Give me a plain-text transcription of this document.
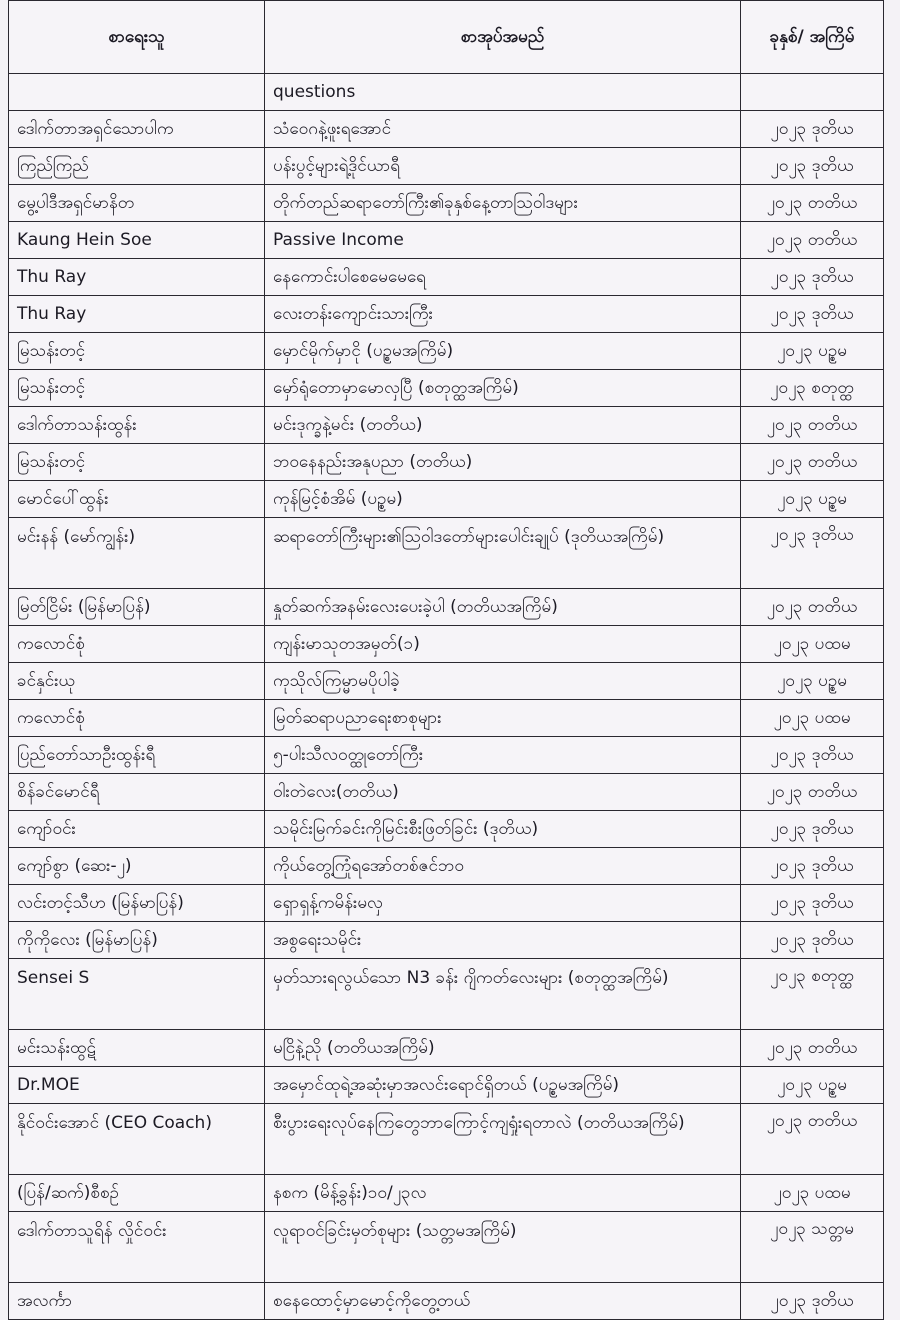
စာရေးသူ	စာအုပ်အမည်	ခုနှစ်/ အကြိမ်
	questions	
ဒေါက်တာအရှင်သောပါက	သံဝေဂနဲ့ဖူးရအောင်	၂၀၂၃ ဒုတိယ
ကြည်ကြည်	ပန်းပွင့်များရဲ့ဒိုင်ယာရီ	၂၀၂၃ ဒုတိယ
မွေ့ပါဒီအရှင်မာနိတ	တိုက်တည်ဆရာတော်ကြီး၏ခုနှစ်နေ့တာဩဝါဒများ	၂၀၂၃ တတိယ
Kaung Hein Soe	Passive Income	၂၀၂၃ တတိယ
Thu Ray	နေကောင်းပါစေမေမေရေ	၂၀၂၃ ဒုတိယ
Thu Ray	လေးတန်းကျောင်းသားကြီး	၂၀၂၃ ဒုတိယ
မြသန်းတင့်	မှောင်မိုက်မှာငို (ပဉ္စမအကြိမ်)	၂၀၂၃ ပဉ္စမ
မြသန်းတင့်	မှော်ရုံတောမှာမောလှပြီ (စတုတ္ထအကြိမ်)	၂၀၂၃ စတုတ္ထ
ဒေါက်တာသန်းထွန်း	မင်းဒုက္ခနဲ့မင်း (တတိယ)	၂၀၂၃ တတိယ
မြသန်းတင့်	ဘဝနေနည်းအနုပညာ (တတိယ)	၂၀၂၃ တတိယ
မောင်ပေါ်ထွန်း	ကုန်မြင့်စံအိမ် (ပဉ္စမ)	၂၀၂၃ ပဉ္စမ
မင်းနန် (မော်ကျွန်း)	ဆရာတော်ကြီးများ၏ဩဝါဒတော်များပေါင်းချုပ် (ဒုတိယအကြိမ်)	၂၀၂၃ ဒုတိယ
မြတ်ငြိမ်း (မြန်မာပြန်)	နှုတ်ဆက်အနမ်းလေးပေးခဲ့ပါ (တတိယအကြိမ်)	၂၀၂၃ တတိယ
ကလောင်စုံ	ကျန်းမာသုတအမှတ်(၁)	၂၀၂၃ ပထမ
ခင်နှင်းယု	ကုသိုလ်ကြမ္မာမပိုပါခဲ့	၂၀၂၃ ပဉ္စမ
ကလောင်စုံ	မြတ်ဆရာပညာရေးစာစုများ	၂၀၂၃ ပထမ
ပြည်တော်သာဦးထွန်းရီ	၅-ပါးသီလဝတ္ထုတော်ကြီး	၂၀၂၃ ဒုတိယ
စိန်ခင်မောင်ရီ	ဝါးတဲလေး(တတိယ)	၂၀၂၃ တတိယ
ကျော်ဝင်း	သမိုင်းမြက်ခင်းကိုမြင်းစီးဖြတ်ခြင်း (ဒုတိယ)	၂၀၂၃ ဒုတိယ
ကျော်စွာ (ဆေး-၂)	ကိုယ်တွေ့ကြုံရအော်တစ်ဇင်ဘဝ	၂၀၂၃ ဒုတိယ
လင်းတင့်သီဟ (မြန်မာပြန်)	ရှောရှန့်ကမိန်းမလှ	၂၀၂၃ ဒုတိယ
ကိုကိုလေး (မြန်မာပြန်)	အစွရေးသမိုင်း	၂၀၂၃ ဒုတိယ
Sensei S	မှတ်သားရလွယ်သော N3 ခန်း ဂျိကတ်လေးများ (စတုတ္ထအကြိမ်)	၂၀၂၃ စတုတ္ထ
မင်းသန်းထွဋ်	မငြိနဲ့ညို (တတိယအကြိမ်)	၂၀၂၃ တတိယ
Dr.MOE	အမှောင်ထုရဲ့အဆုံးမှာအလင်းရောင်ရှိတယ် (ပဉ္စမအကြိမ်)	၂၀၂၃ ပဉ္စမ
နိုင်ဝင်းအောင် (CEO Coach)	စီးပွားရေးလုပ်နေကြတွေဘာကြောင့်ကျရှုံးရတာလဲ (တတိယအကြိမ်)	၂၀၂၃ တတိယ
(ပြန်/ဆက်)စီစဉ်	နစက (မိန့်ခွန်း)၁၀/၂၃လ	၂၀၂၃ ပထမ
ဒေါက်တာသူရိန် လှိုင်ဝင်း	လူရာဝင်ခြင်းမှတ်စုများ (သတ္တမအကြိမ်)	၂၀၂၃ သတ္တမ
အလင်္ကာ	စနေထောင့်မှာမောင့်ကိုတွေ့တယ်	၂၀၂၃ ဒုတိယ
